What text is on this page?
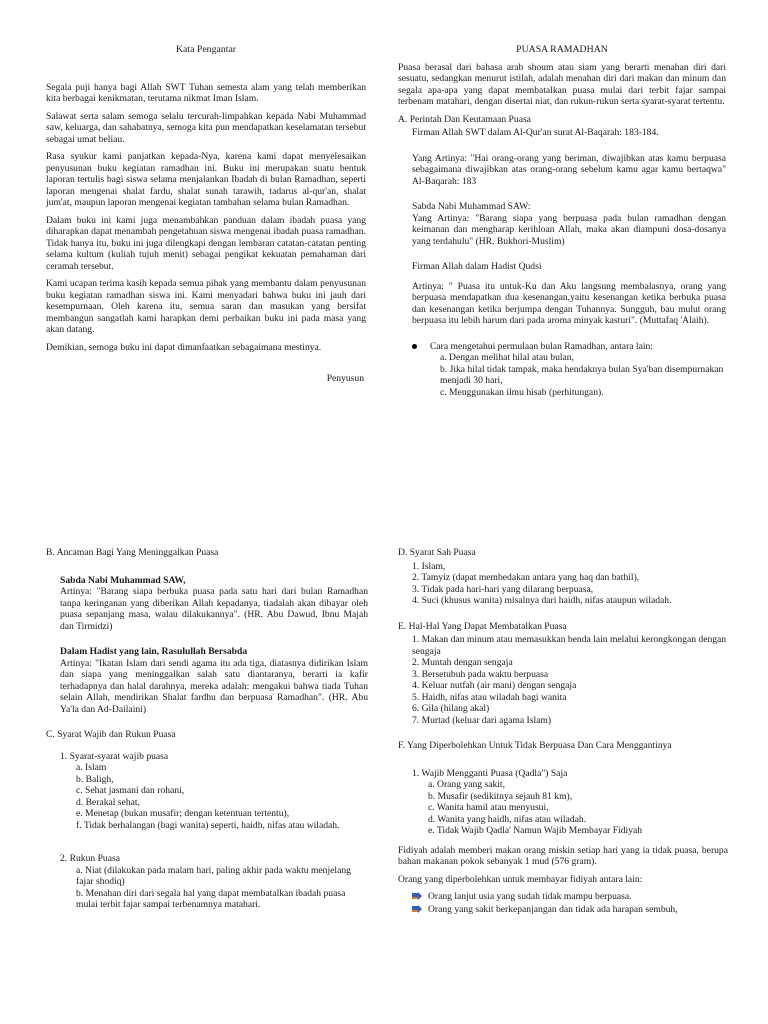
Kata Pengantar

Segala puji hanya bagi Allah SWT Tuhan semesta alam yang telah memberikan kita berbagai kenikmatan, terutama nikmat Iman Islam.

Salawat serta salam semoga selalu tercurah-limpahkan kepada Nabi Muhammad saw, keluarga, dan sahabatnya, semoga kita pun mendapatkan keselamatan tersebut sebagai umat beliau.

Rasa syukur kami panjatkan kepada-Nya, karena kami dapat menyelesaikan penyusunan buku kegiatan ramadhan ini. Buku ini merupakan suatu bentuk laporan tertulis bagi siswa selama menjalankan Ibadah di bulan Ramadhan, seperti laporan mengenai shalat fardu, shalat sunah tarawih, tadarus al-qur'an, shalat jum'at, maupun laporan mengenai kegiatan tambahan selama bulan Ramadhan.

Dalam buku ini kami juga menambahkan panduan dalam ibadah puasa yang diharapkan dapat menambah pengetahuan siswa mengenai ibadah puasa ramadhan. Tidak hanya itu, buku ini juga dilengkapi dengan lembaran catatan-catatan penting selama kultum (kuliah tujuh menit) sebagai pengikat kekuatan pemahaman dari ceramah tersebut.

Kami ucapan terima kasih kepada semua pihak yang membantu dalam penyusunan buku kegiatan ramadhan siswa ini. Kami menyadari bahwa buku ini jauh dari kesempurnaan. Oleh karena itu, semua saran dan masukan yang bersifat membangun sangatlah kami harapkan demi perbaikan buku ini pada masa yang akan datang.

Demikian, semoga buku ini dapat dimanfaatkan sebagaimana mestinya.

Penyusun
PUASA RAMADHAN

Puasa berasal dari bahasa arab shoum atau siam yang berarti menahan diri dari sesuatu, sedangkan menurut istilah, adalah menahan diri dari makan dan minum dan segala apa-apa yang dapat membatalkan puasa mulai dari terbit fajar sampai terbenam matahari, dengan disertai niat, dan rukun-rukun serta syarat-syarat tertentu.

A. Perintah Dan Keutamaan Puasa
Firman Allah SWT dalam Al-Qur'an surat Al-Baqarah: 183-184.

Yang Artinya: "Hai orang-orang yang beriman, diwajibkan atas kamu berpuasa sebagaimana diwajibkan atas orang-orang sebelum kamu agar kamu bertaqwa" Al-Baqarah: 183

Sabda Nabi Muhammad SAW:

Yang Artinya: "Barang siapa yang berpuasa pada bulan ramadhan dengan keimanan dan mengharap kerihloan Allah, maka akan diampuni dosa-dosanya yang terdahulu" (HR. Bukhori-Muslim)

Firman Allah dalam Hadist Qudsi

Artinya: " Puasa itu untuk-Ku dan Aku langsung membalasnya, orang yang berpuasa mendapatkan dua kesenangan,yaitu kesenangan ketika berbuka puasa dan kesenangan ketika berjumpa dengan Tuhannya. Sungguh, bau mulut orang berpuasa itu lebih harum dari pada aroma minyak kasturi". (Muttafaq 'Alaih).

Cara mengetahui permulaan bulan Ramadhan, antara lain:
a. Dengan melihat hilal atau bulan,
b. Jika hilal tidak tampak, maka hendaknya bulan Sya'ban disempurnakan menjadi 30 hari,
c. Menggunakan ilmu hisab (perhitungan).
B. Ancaman Bagi Yang Meninggalkan Puasa
Sabda Nabi Muhammad SAW,

Artinya: "Barang siapa berbuka puasa pada satu hari dari bulan Ramadhan tanpa keringanan yang diberikan Allah kepadanya, tiadalah akan dibayar oleh puasa sepanjang masa, walau dilakukannya". (HR. Abu Dawud, Ibnu Majah dan Tirmidzi)

Dalam Hadist yang lain, Rasulullah Bersabda

Artinya: "Ikatan Islam dari sendi agama itu ada tiga, diatasnya didirikan Islam dan siapa yang meninggalkan salah satu diantaranya, berarti ia kafir terhadapnya dan halal darahnya, mereka adalah: mengakui bahwa tiada Tuhan selain Allah, mendirikan Shalat fardhu dan berpuasa Ramadhan". (HR. Abu Ya'la dan Ad-Dailaini)

C. Syarat Wajib dan Rukun Puasa
1. Syarat-syarat wajib puasa
a. Islam
b. Baligh,
c. Sehat jasmani dan rohani,
d. Berakal sehat,
e. Menetap (bukan musafir; dengan ketentuan tertentu),
f. Tidak berhalangan (bagi wanita) seperti, haidh, nifas atau wiladah.
2. Rukun Puasa
a. Niat (dilakukan pada malam hari, paling akhir pada waktu menjelang fajar shodiq)
b. Menahan diri dari segala hal yang dapat membatalkan ibadah puasa mulai terbit fajar sampai terbenamnya matahari.
D. Syarat Sah Puasa
1. Islam,
2. Tamyiz (dapat membedakan antara yang haq dan bathil),
3. Tidak pada hari-hari yang dilarang berpuasa,
4. Suci (khusus wanita) misalnya dari haidh, nifas ataupun wiladah.
E. Hal-Hal Yang Dapat Membatalkan Puasa
1. Makan dan minum atau memasukkan benda lain melalui kerongkongan dengan sengaja
2. Muntah dengan sengaja
3. Bersetubuh pada waktu berpuasa
4. Keluar nutfah (air mani) dengan sengaja
5. Haidh, nifas atau wiladah bagi wanita
6. Gila (hilang akal)
7. Murtad (keluar dari agama Islam)
F. Yang Diperbolehkan Untuk Tidak Berpuasa Dan Cara Menggantinya
1. Wajib Mengganti Puasa (Qadla") Saja
a. Orang yang sakit,
b. Musafir (sedikitnya sejauh 81 km),
c. Wanita hamil atau menyusui,
d. Wanita yang haidh, nifas atau wiladah.
e. Tidak Wajib Qadla' Namun Wajib Membayar Fidiyah

Fidiyah adalah memberi makan orang miskin setiap hari yang ia tidak puasa, berupa bahan makanan pokok sebanyak 1 mud (576 gram).

Orang yang diperbolehkan untuk membayar fidiyah antara lain:

Orang lanjut usia yang sudah tidak mampu berpuasa.
Orang yang sakit berkepanjangan dan tidak ada harapan sembuh,
